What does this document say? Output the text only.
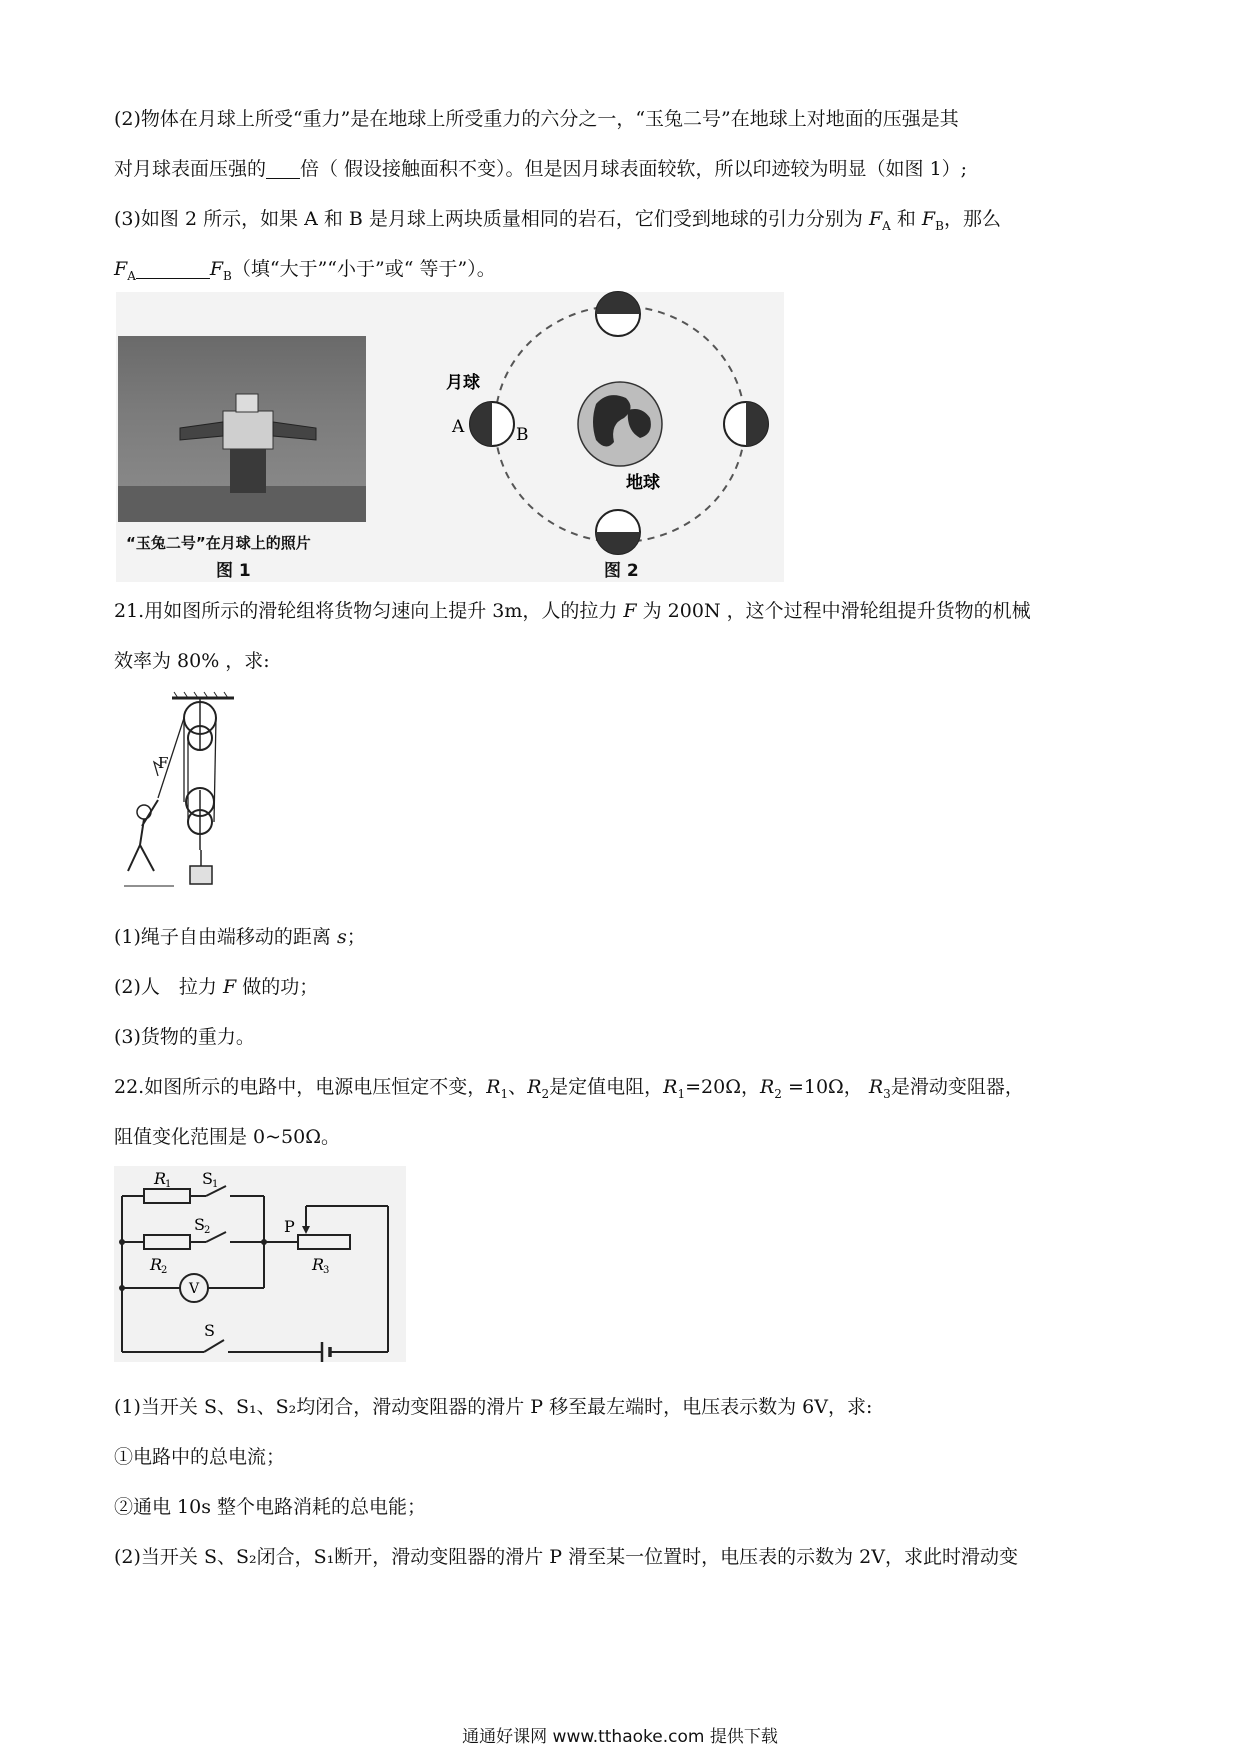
(2)物体在月球上所受“重力”是在地球上所受重力的六分之一，“玉兔二号”在地球上对地面的压强是其
对月球表面压强的 倍（ 假设接触面积不变）。但是因月球表面较软，所以印迹较为明显（如图 1）;
(3)如图 2 所示，如果 A 和 B 是月球上两块质量相同的岩石，它们受到地球的引力分别为 $F_A$ 和 $F_B$，那么
$F_A$	$F_B$（填“大于”“小于”或“ 等于”）。
“玉兔二号”在月球上的照片
图 1
月球
A	B
地球
图 2
21.用如图所示的滑轮组将货物匀速向上提升 3m，人的拉力 F 为 200N ，这个过程中滑轮组提升货物的机械
效率为 80% ，求:
F
(1)绳子自由端移动的距离 s；
(2)人　拉力 F 做的功；
(3)货物的重力。
22.如图所示的电路中，电源电压恒定不变，$R_1$、$R_2$是定值电阻，$R_1=20\Omega$，$R_2 =10\Omega$， $R_3$是滑动变阻器，
阻值变化范围是 0~50Ω。
R
1 S 1
S 2
R
2
P
R
3
V
S
(1)当开关 S、S₁、S₂均闭合，滑动变阻器的滑片 P 移至最左端时，电压表示数为 6V，求:
①电路中的总电流；
②通电 10s 整个电路消耗的总电能；
(2)当开关 S、S₂闭合，S₁断开，滑动变阻器的滑片 P 滑至某一位置时，电压表的示数为 2V，求此时滑动变
通通好课网 www.tthaoke.com 提供下载
